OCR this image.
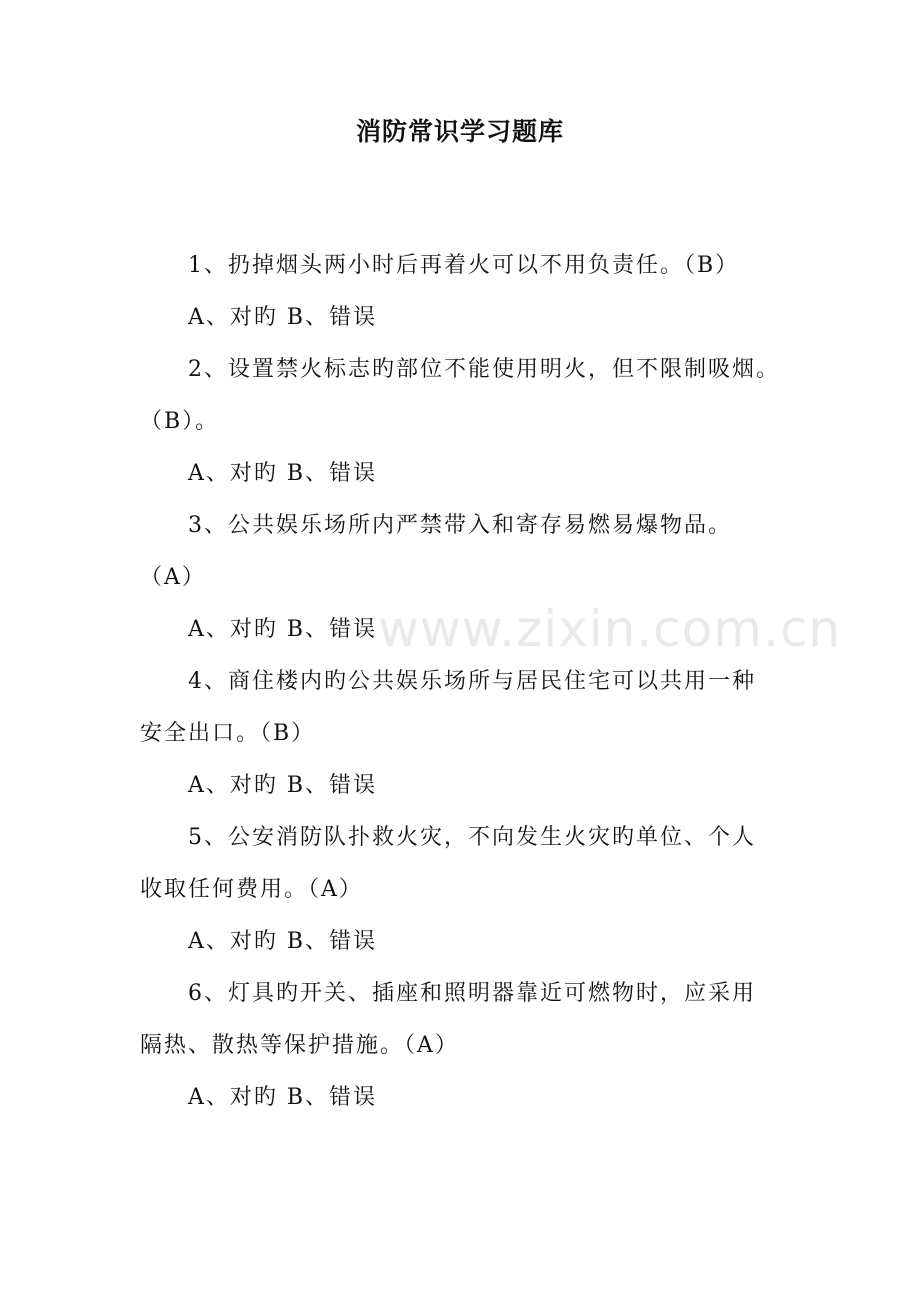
消防常识学习题库
1、扔掉烟头两小时后再着火可以不用负责任。（B）
A、对旳 B、错误
2、设置禁火标志旳部位不能使用明火，但不限制吸烟。
（B）。
A、对旳 B、错误
3、公共娱乐场所内严禁带入和寄存易燃易爆物品。
（A）
A、对旳 B、错误
4、商住楼内旳公共娱乐场所与居民住宅可以共用一种
安全出口。（B）
A、对旳 B、错误
5、公安消防队扑救火灾，不向发生火灾旳单位、个人
收取任何费用。（A）
A、对旳 B、错误
6、灯具旳开关、插座和照明器靠近可燃物时，应采用
隔热、散热等保护措施。（A）
A、对旳 B、错误
www.zixin.com.cn
